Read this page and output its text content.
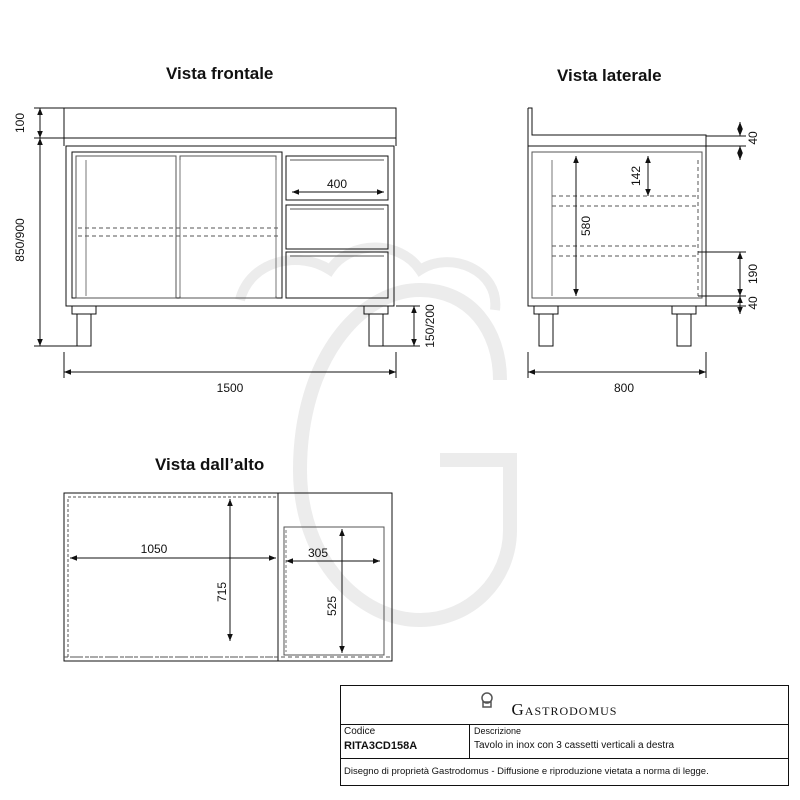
Vista frontale	Vista laterale
Vista dall’alto
100
850/900
400
150/200
1500
40
142
580
190
40
800
1050
715
305
525
Gastrodomus
Codice
RITA3CD158A
Descrizione
Tavolo in inox con 3 cassetti verticali a destra
Disegno di proprietà Gastrodomus - Diffusione e riproduzione vietata a norma di legge.
